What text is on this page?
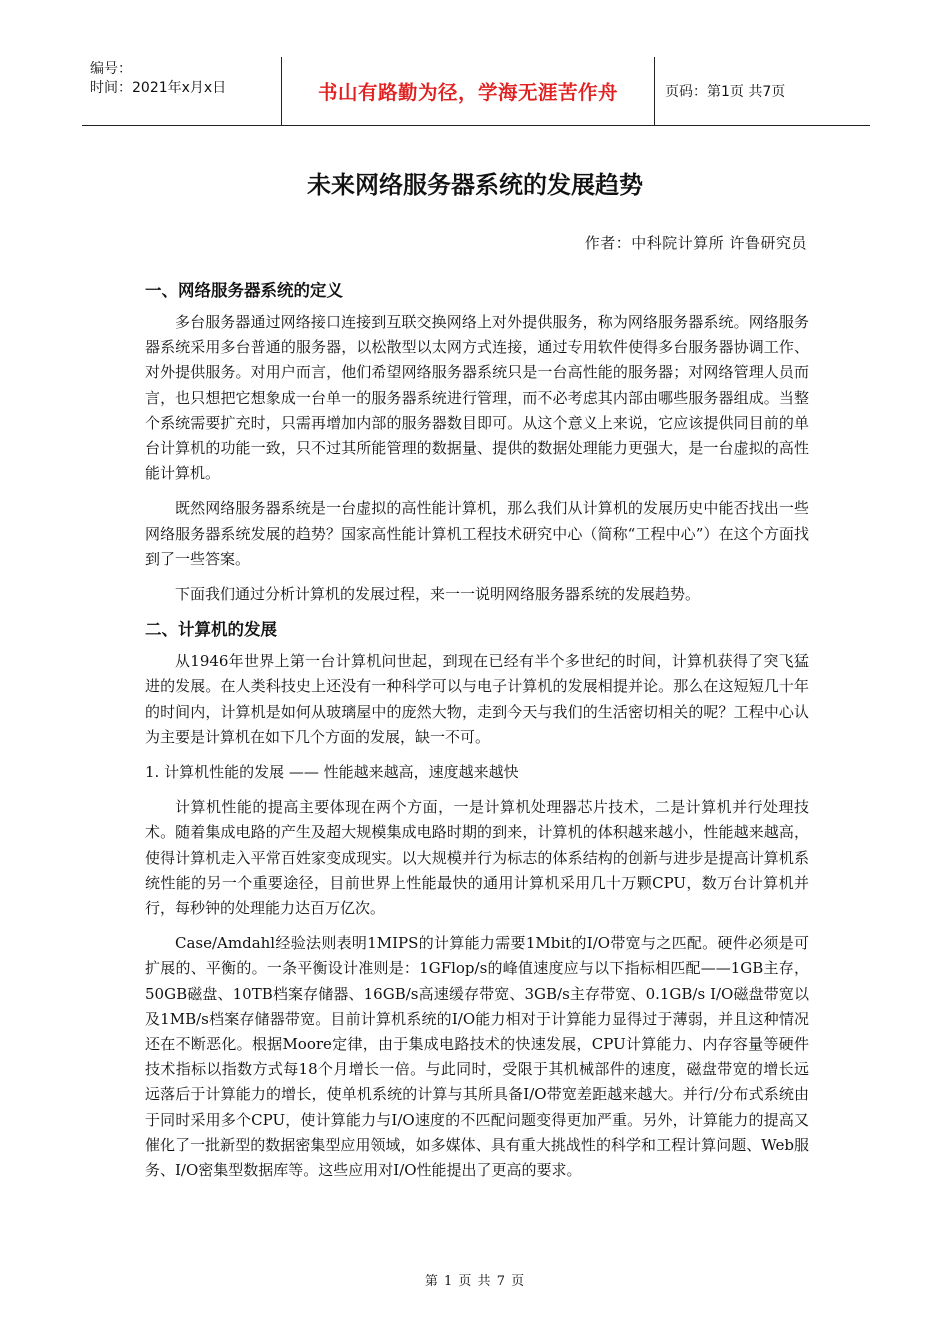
编号：
时间：2021年x月x日	书山有路勤为径，学海无涯苦作舟	页码：第1页 共7页
未来网络服务器系统的发展趋势
作者：中科院计算所 许鲁研究员
一、网络服务器系统的定义

多台服务器通过网络接口连接到互联交换网络上对外提供服务，称为网络服务器系统。网络服务器系统采用多台普通的服务器，以松散型以太网方式连接，通过专用软件使得多台服务器协调工作、对外提供服务。对用户而言，他们希望网络服务器系统只是一台高性能的服务器；对网络管理人员而言，也只想把它想象成一台单一的服务器系统进行管理，而不必考虑其内部由哪些服务器组成。当整个系统需要扩充时，只需再增加内部的服务器数目即可。从这个意义上来说，它应该提供同目前的单台计算机的功能一致，只不过其所能管理的数据量、提供的数据处理能力更强大，是一台虚拟的高性能计算机。

既然网络服务器系统是一台虚拟的高性能计算机，那么我们从计算机的发展历史中能否找出一些网络服务器系统发展的趋势？国家高性能计算机工程技术研究中心（简称“工程中心”）在这个方面找到了一些答案。

下面我们通过分析计算机的发展过程，来一一说明网络服务器系统的发展趋势。

二、计算机的发展

从1946年世界上第一台计算机问世起，到现在已经有半个多世纪的时间，计算机获得了突飞猛进的发展。在人类科技史上还没有一种科学可以与电子计算机的发展相提并论。那么在这短短几十年的时间内，计算机是如何从玻璃屋中的庞然大物，走到今天与我们的生活密切相关的呢？工程中心认为主要是计算机在如下几个方面的发展，缺一不可。

1. 计算机性能的发展 —— 性能越来越高，速度越来越快

计算机性能的提高主要体现在两个方面，一是计算机处理器芯片技术，二是计算机并行处理技术。随着集成电路的产生及超大规模集成电路时期的到来，计算机的体积越来越小，性能越来越高，使得计算机走入平常百姓家变成现实。以大规模并行为标志的体系结构的创新与进步是提高计算机系统性能的另一个重要途径，目前世界上性能最快的通用计算机采用几十万颗CPU，数万台计算机并行，每秒钟的处理能力达百万亿次。

Case/Amdahl经验法则表明1MIPS的计算能力需要1Mbit的I/O带宽与之匹配。硬件必须是可扩展的、平衡的。一条平衡设计准则是：1GFlop/s的峰值速度应与以下指标相匹配——1GB主存，50GB磁盘、10TB档案存储器、16GB/s高速缓存带宽、3GB/s主存带宽、0.1GB/s I/O磁盘带宽以及1MB/s档案存储器带宽。目前计算机系统的I/O能力相对于计算能力显得过于薄弱，并且这种情况还在不断恶化。根据Moore定律，由于集成电路技术的快速发展，CPU计算能力、内存容量等硬件技术指标以指数方式每18个月增长一倍。与此同时，受限于其机械部件的速度，磁盘带宽的增长远远落后于计算能力的增长，使单机系统的计算与其所具备I/O带宽差距越来越大。并行/分布式系统由于同时采用多个CPU，使计算能力与I/O速度的不匹配问题变得更加严重。另外，计算能力的提高又催化了一批新型的数据密集型应用领域，如多媒体、具有重大挑战性的科学和工程计算问题、Web服务、I/O密集型数据库等。这些应用对I/O性能提出了更高的要求。

第 1 页 共 7 页
